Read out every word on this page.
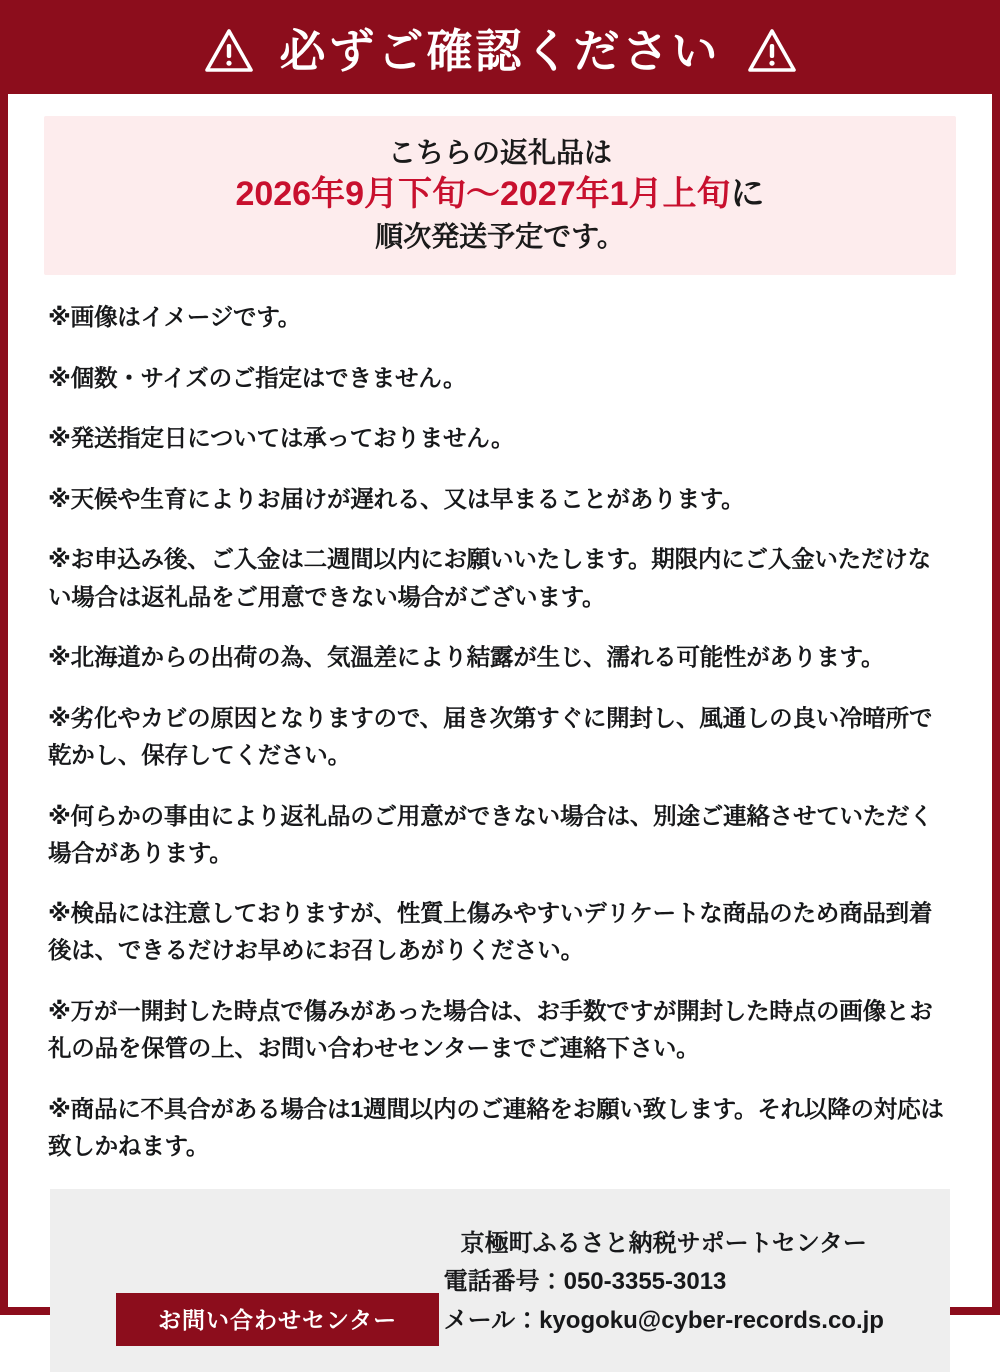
必ずご確認ください
こちらの返礼品は
2026年9月下旬〜2027年1月上旬に
順次発送予定です。

※画像はイメージです。

※個数・サイズのご指定はできません。

※発送指定日については承っておりません。

※天候や生育によりお届けが遅れる、又は早まることがあります。

※お申込み後、ご入金は二週間以内にお願いいたします。期限内にご入金いただけない場合は返礼品をご用意できない場合がございます。

※北海道からの出荷の為、気温差により結露が生じ、濡れる可能性があります。

※劣化やカビの原因となりますので、届き次第すぐに開封し、風通しの良い冷暗所で乾かし、保存してください。

※何らかの事由により返礼品のご用意ができない場合は、別途ご連絡させていただく場合があります。

※検品には注意しておりますが、性質上傷みやすいデリケートな商品のため商品到着後は、できるだけお早めにお召しあがりください。

※万が一開封した時点で傷みがあった場合は、お手数ですが開封した時点の画像とお礼の品を保管の上、お問い合わせセンターまでご連絡下さい。

※商品に不具合がある場合は1週間以内のご連絡をお願い致します。それ以降の対応は致しかねます。

お問い合わせセンター
京極町ふるさと納税サポートセンター
電話番号：050-3355-3013
メール：kyogoku@cyber-records.co.jp
